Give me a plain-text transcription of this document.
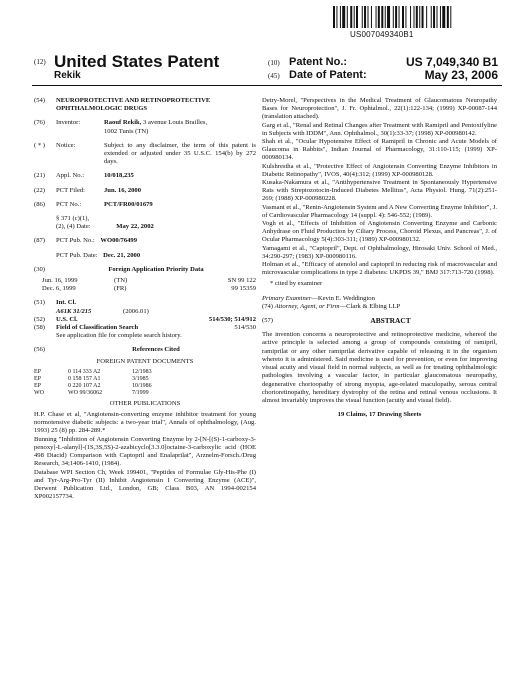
US007049340B1
(12) United States Patent
Rekik
(10) Patent No.:	US 7,049,340 B1
(45) Date of Patent:	May 23, 2006
(54)	NEUROPROTECTIVE AND RETINOPROTECTIVE OPHTHALMOLOGIC DRUGS
(76)	Inventor:	Raouf Rekik, 3 avenue Louis Brailles,
1002 Tunis (TN)
( * )	Notice:	Subject to any disclaimer, the term of this patent is extended or adjusted under 35 U.S.C. 154(b) by 272 days.
(21)	Appl. No.:	10/018,235
(22)	PCT Filed:	Jun. 16, 2000
(86)	PCT No.:	PCT/FR00/01679
§ 371 (c)(1),
(2), (4) Date:	May 22, 2002
(87)	PCT Pub. No.: WO00/76499
PCT Pub. Date: Dec. 21, 2000
(30)	Foreign Application Priority Data
Jun. 16, 1999	(TN)	SN 99 122
Dec. 6, 1999	(FR)	99 15359
(51)	Int. Cl.
A61K 31/215	(2006.01)
(52)	U.S. Cl.	514/530; 514/912
(58)	Field of Classification Search	514/530
See application file for complete search history.
(56)	References Cited
FOREIGN PATENT DOCUMENTS
EP	0 114 333 A2	12/1983
EP	0 158 157 A1	3/1985
EP	0 220 107 A2	10/1986
WO	WO 99/36062	7/1999
OTHER PUBLICATIONS
H.P. Chase et al, "Angiotensin-converting enzyme inhibitor treatment for young normotensive diabetic subjects: a two-year trial", Annals of ophthalmology, (Aug. 1993) 25 (8) pp. 284-289.*
Bunning "Inhibition of Angiotensin Converting Enzyme by 2-[N-[(S)-1-carboxy-3-penoxy]-L-alanyl]-(1S,3S,5S)-2-azabicyclo[3.3.0]octaine-3-carboxylic acid (HOE 498 Diacid) Comparison with Captopril and Enalaprilat", Arznelm-Forsch./Drug Research, 34;1406-1410, (1984).
Database WPI Section Ch, Week 199401, "Peptides of Formulae Gly-His-Phe (I) and Tyr-Arg-Pro-Tyr (II) Inhibit Angiotensin I Converting Enzyme (ACE)", Derwent Publication Ltd., London, GB; Class B03, AN 1994-002154 XP002157734.
Detry-Morel, "Perspectives in the Medical Treatment of Glaucomatous Neuropathy Bases for Neuroprotection", J. Fr. Ophtalmol., 22(1):122-134; (1999) XP-00087-144 (translation attached).
Garg et al., "Renal and Retinal Changes after Treatment with Ramipril and Pentoxifyline in Subjects with IDDM", Ann. Ophthalmol., 30(1):33-37; (1998) XP-000980142.
Shah et al., "Ocular Hypotensive Effect of Ramipril in Chronic and Acute Models of Glaucoma in Rabbits", Indian Journal of Pharmacology, 31:110-115; (1999) XP-000980134.
Kulshrestha et al., "Protective Effect of Angiotensin Converting Enzyme Inhibitors in Diabetic Retinopathy", IVOS, 40(4):312; (1999) XP-000980128.
Kusaka-Nakamura et al., "Antihypertensive Treatment in Spontaneously Hypertensive Rats with Streptozotocin-Induced Diabetes Mellitus", Acta Physiol. Hung. 71(2):251-269; (1988) XP-000980228.
Vasmant et al., "Renin-Angiotensin System and A New Converting Enzyme Inhibitor", J. of Cardiovascular Pharmacology 14 (suppl. 4): 546-552; (1989).
Vogh et al., "Effects of Inhibition of Angiotensin Converting Enzyme and Carbonic Anhydrase on Fluid Production by Ciliary Process, Choroid Plexus, and Pancreas", J. of Ocular Pharmacology 5(4):303-311; (1989) XP-000980132.
Yamagami et al., "Captopril", Dept. of Ophthalmology, Hirosaki Univ. School of Med., 34:290-297; (1983) XP-000980116.
Holman et al., "Efficacy of atenolol and captopril in reducing risk of macrovascular and microvascular complications in type 2 diabetes: UKPDS 39," BMJ 317:713-720 (1998).
* cited by examiner
Primary Examiner—Kevin E. Weddington
(74) Attorney, Agent, or Firm—Clark & Elbing LLP
(57)	ABSTRACT
The invention concerns a neuroprotective and retinoprotective medicine, whereof the active principle is selected among a group of compounds consisting of ramipril, ramiprilat or any other ramiprilat derivative capable of releasing it in the organism whereto it is administered. Said medicine is used for prevention, or even for improving visual acuity and visual field in normal subjects, as well as for treating ophthalmologic pathologies involving a vascular factor, in particular glaucomatous neuropathy, degenerative chorioopathy of strong myopia, age-related maculopathy, serous central chorioretinopathy, hereditary dystrophy of the retina and retinal venous occlusions. It almost invariably improves the visual function (acuity and visual field).
19 Claims, 17 Drawing Sheets
